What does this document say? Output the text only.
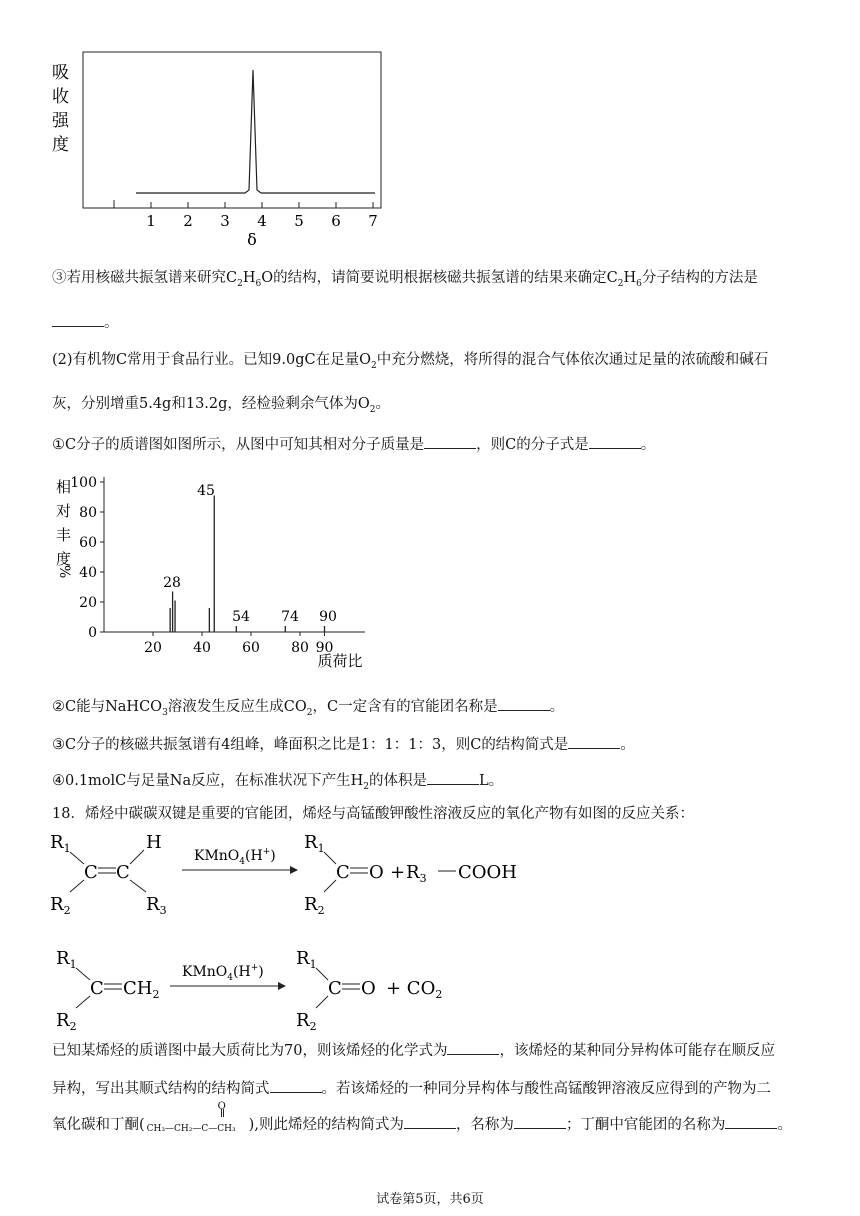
吸
收
强
度
1 2 3 4 5 6 7
δ
③若用核磁共振氢谱来研究$C_2H_6O$的结构，请简要说明根据核磁共振氢谱的结果来确定$C_2H_6$分子结构的方法是
。
(2)有机物C常用于食品行业。已知9.0gC在足量$O_2$中充分燃烧，将所得的混合气体依次通过足量的浓硫酸和碱石
灰，分别增重5.4g和13.2g，经检验剩余气体为$O_2$。
①C分子的质谱图如图所示，从图中可知其相对分子质量是	，则C的分子式是	。
相
对
丰
度
%
0
20
40
60
80
100
20 40 60 80 90
28
45
54 74 90
质荷比
②C能与NaHCO$_3$溶液发生反应生成$CO_2$，C一定含有的官能团名称是	。
③C分子的核磁共振氢谱有4组峰，峰面积之比是1：1：1：3，则C的结构简式是	。
④0.1molC与足量Na反应，在标准状况下产生$H_2$的体积是	L。
18．烯烃中碳碳双键是重要的官能团，烯烃与高锰酸钾酸性溶液反应的氧化产物有如图的反应关系：
$R_1$
$R_2$
C C
H
$R_3$
KMnO$_4$(H+)
$R_1$
$R_2$
C $O + R_3$ COOH
$R_1$
$R_2$
C $CH_2$
KMnO$_4$(H+)
$R_1$
$R_2$
C $O + CO_2$
已知某烯烃的质谱图中最大质荷比为70，则该烯烃的化学式为	，该烯烃的某种同分异构体可能存在顺反应
异构，写出其顺式结构的结构简式	。若该烯烃的一种同分异构体与酸性高锰酸钾溶液反应得到的产物为二
氧化碳和丁酮(
O
CH₃—CH₂—C—CH₃ ),则此烯烃的结构简式为	，名称为	；丁酮中官能团的名称为	。
试卷第5页，共6页
